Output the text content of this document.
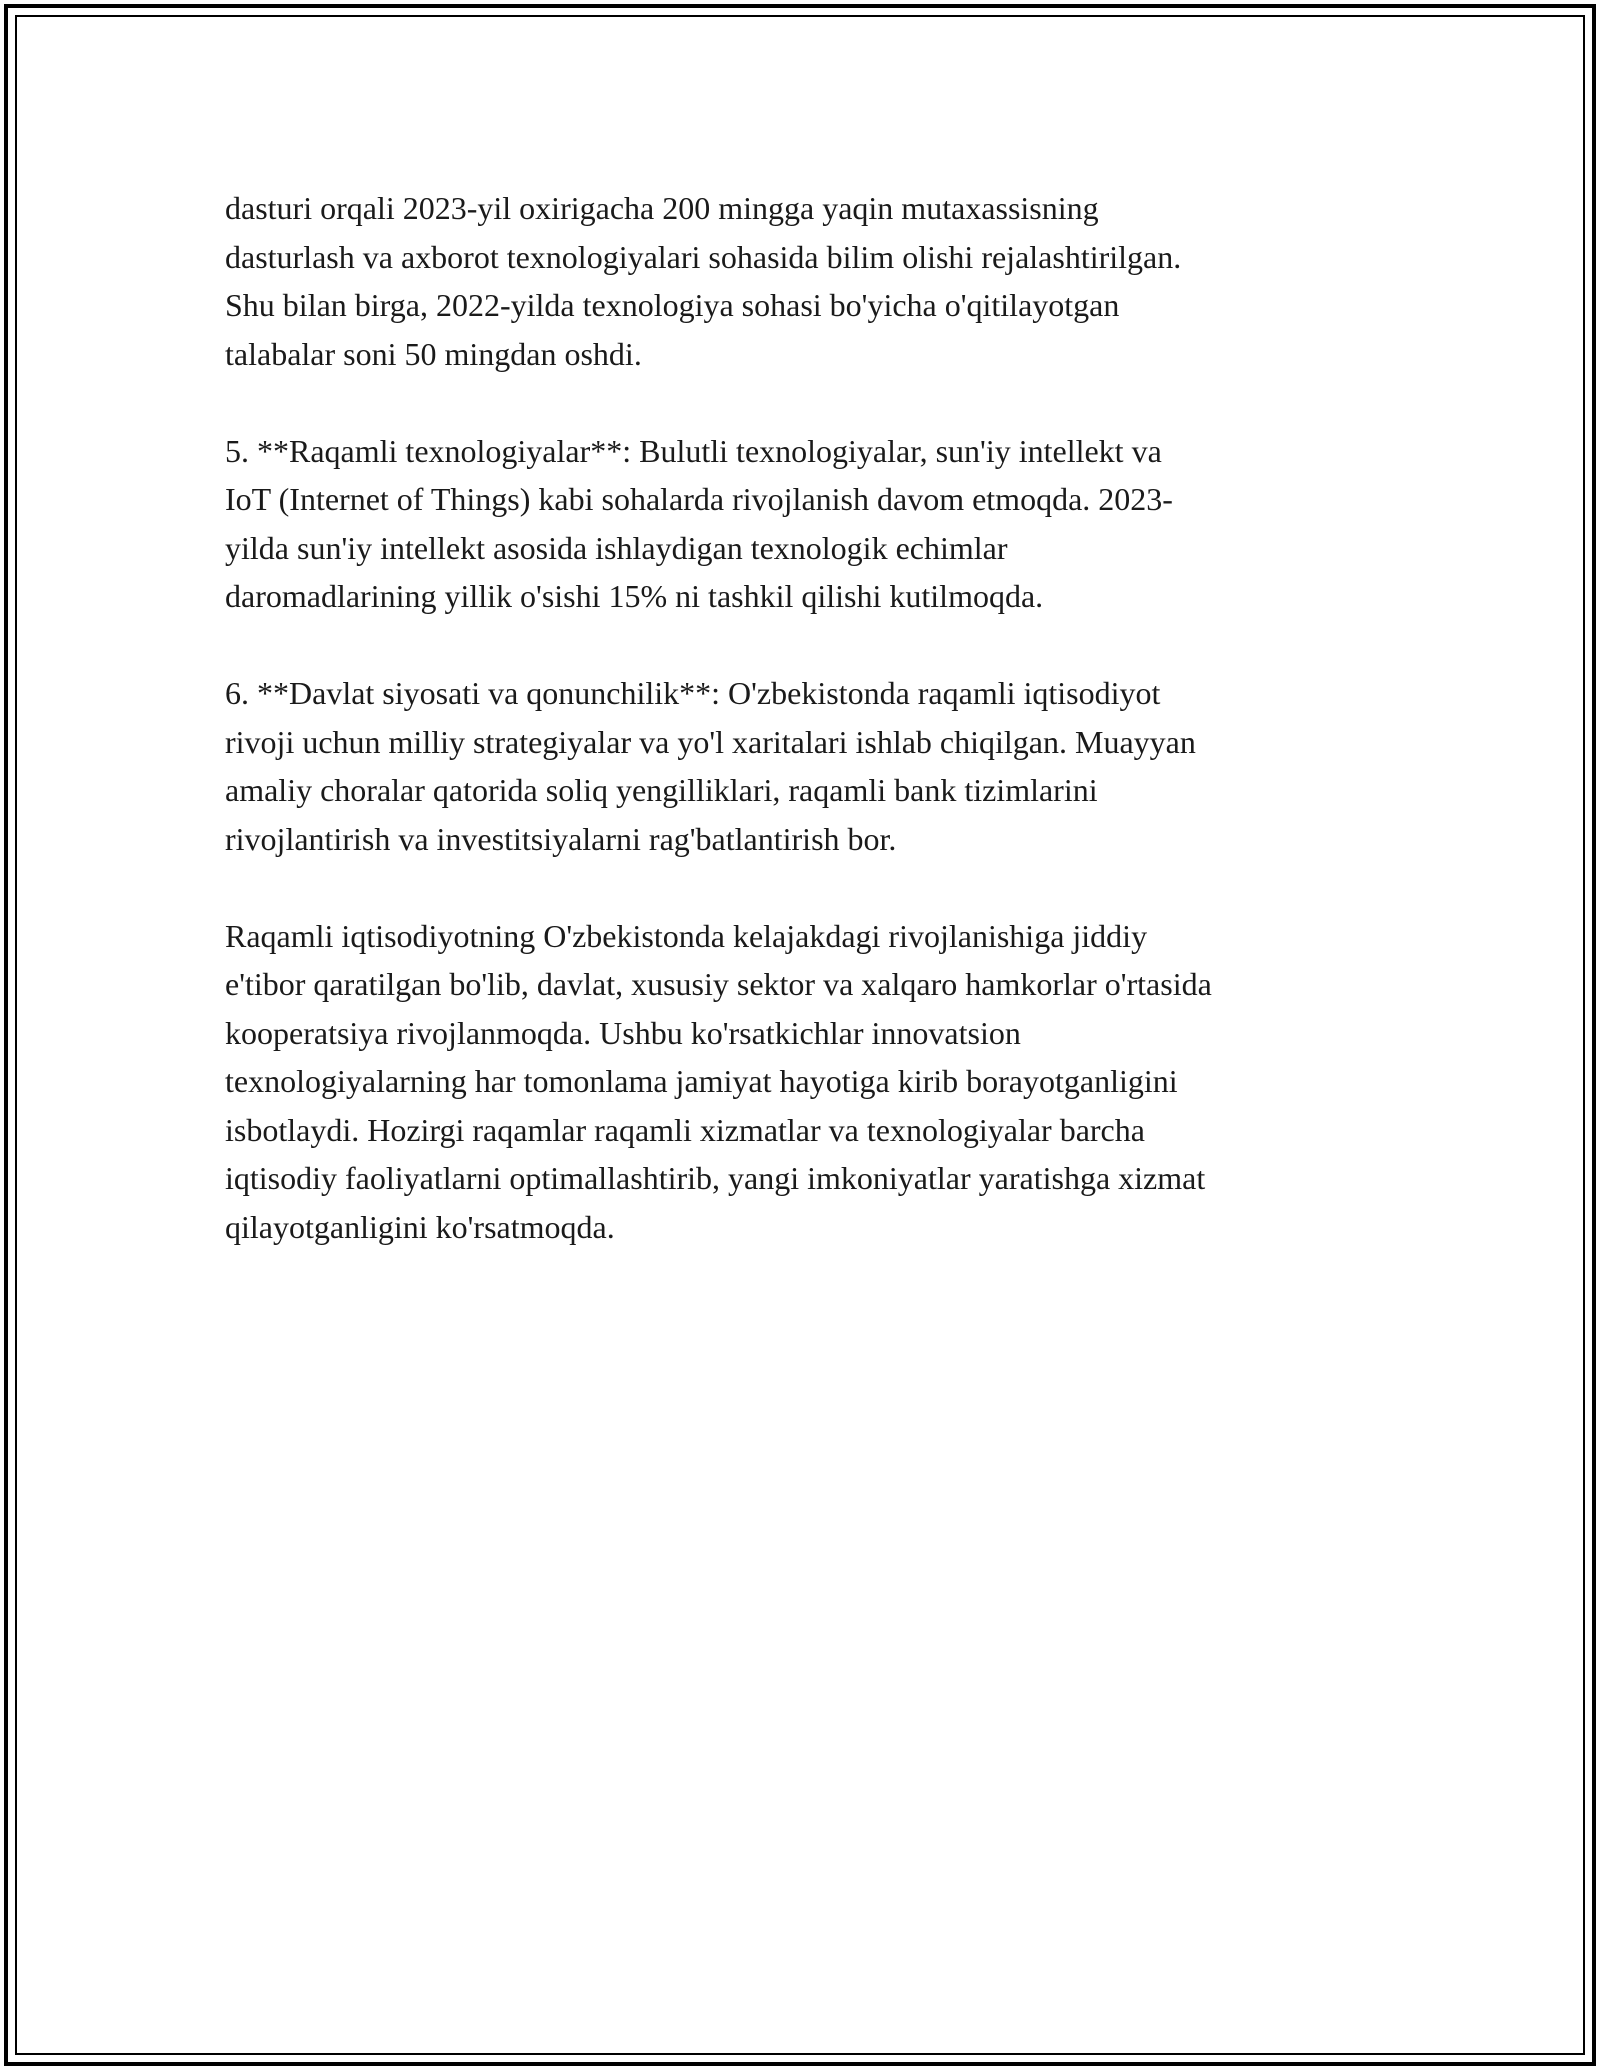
dasturi orqali 2023-yil oxirigacha 200 mingga yaqin mutaxassisning
dasturlash va axborot texnologiyalari sohasida bilim olishi rejalashtirilgan.
Shu bilan birga, 2022-yilda texnologiya sohasi bo'yicha o'qitilayotgan
talabalar soni 50 mingdan oshdi.

5. **Raqamli texnologiyalar**: Bulutli texnologiyalar, sun'iy intellekt va
IoT (Internet of Things) kabi sohalarda rivojlanish davom etmoqda. 2023-
yilda sun'iy intellekt asosida ishlaydigan texnologik echimlar
daromadlarining yillik o'sishi 15% ni tashkil qilishi kutilmoqda.

6. **Davlat siyosati va qonunchilik**: O'zbekistonda raqamli iqtisodiyot
rivoji uchun milliy strategiyalar va yo'l xaritalari ishlab chiqilgan. Muayyan
amaliy choralar qatorida soliq yengilliklari, raqamli bank tizimlarini
rivojlantirish va investitsiyalarni rag'batlantirish bor.

Raqamli iqtisodiyotning O'zbekistonda kelajakdagi rivojlanishiga jiddiy
e'tibor qaratilgan bo'lib, davlat, xususiy sektor va xalqaro hamkorlar o'rtasida
kooperatsiya rivojlanmoqda. Ushbu ko'rsatkichlar innovatsion
texnologiyalarning har tomonlama jamiyat hayotiga kirib borayotganligini
isbotlaydi. Hozirgi raqamlar raqamli xizmatlar va texnologiyalar barcha
iqtisodiy faoliyatlarni optimallashtirib, yangi imkoniyatlar yaratishga xizmat
qilayotganligini ko'rsatmoqda.
